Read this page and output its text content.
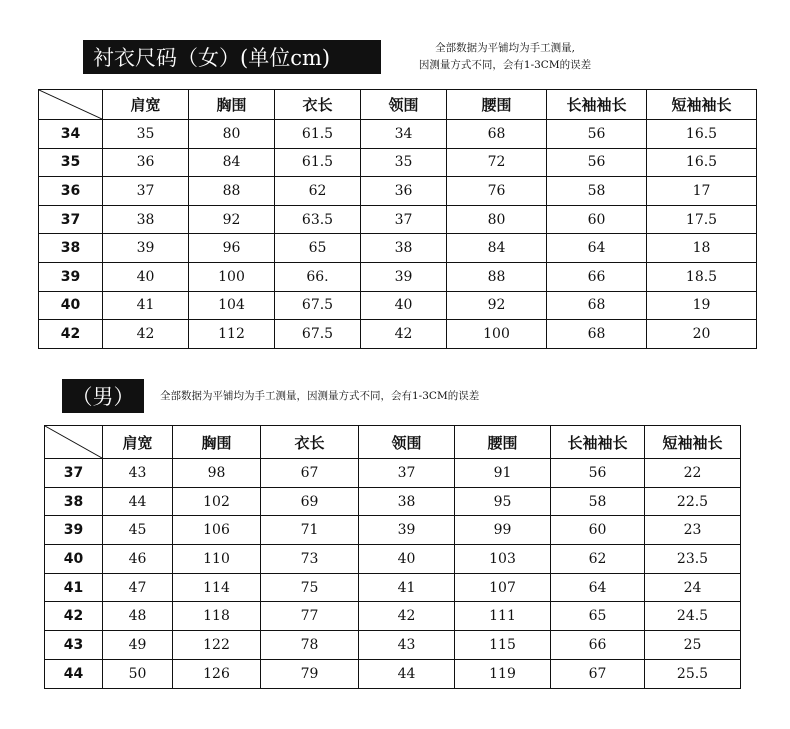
衬衣尺码（女）(单位cm)	全部数据为平铺均为手工测量,
因测量方式不同，会有1-3CM的误差
	肩宽	胸围	衣长	领围	腰围	长袖袖长	短袖袖长
34	35	80	61.5	34	68	56	16.5
35	36	84	61.5	35	72	56	16.5
36	37	88	62	36	76	58	17
37	38	92	63.5	37	80	60	17.5
38	39	96	65	38	84	64	18
39	40	100	66.	39	88	66	18.5
40	41	104	67.5	40	92	68	19
42	42	112	67.5	42	100	68	20
（男） 全部数据为平铺均为手工测量，因测量方式不同，会有1-3CM的误差
	肩宽	胸围	衣长	领围	腰围	长袖袖长	短袖袖长
37	43	98	67	37	91	56	22
38	44	102	69	38	95	58	22.5
39	45	106	71	39	99	60	23
40	46	110	73	40	103	62	23.5
41	47	114	75	41	107	64	24
42	48	118	77	42	111	65	24.5
43	49	122	78	43	115	66	25
44	50	126	79	44	119	67	25.5
